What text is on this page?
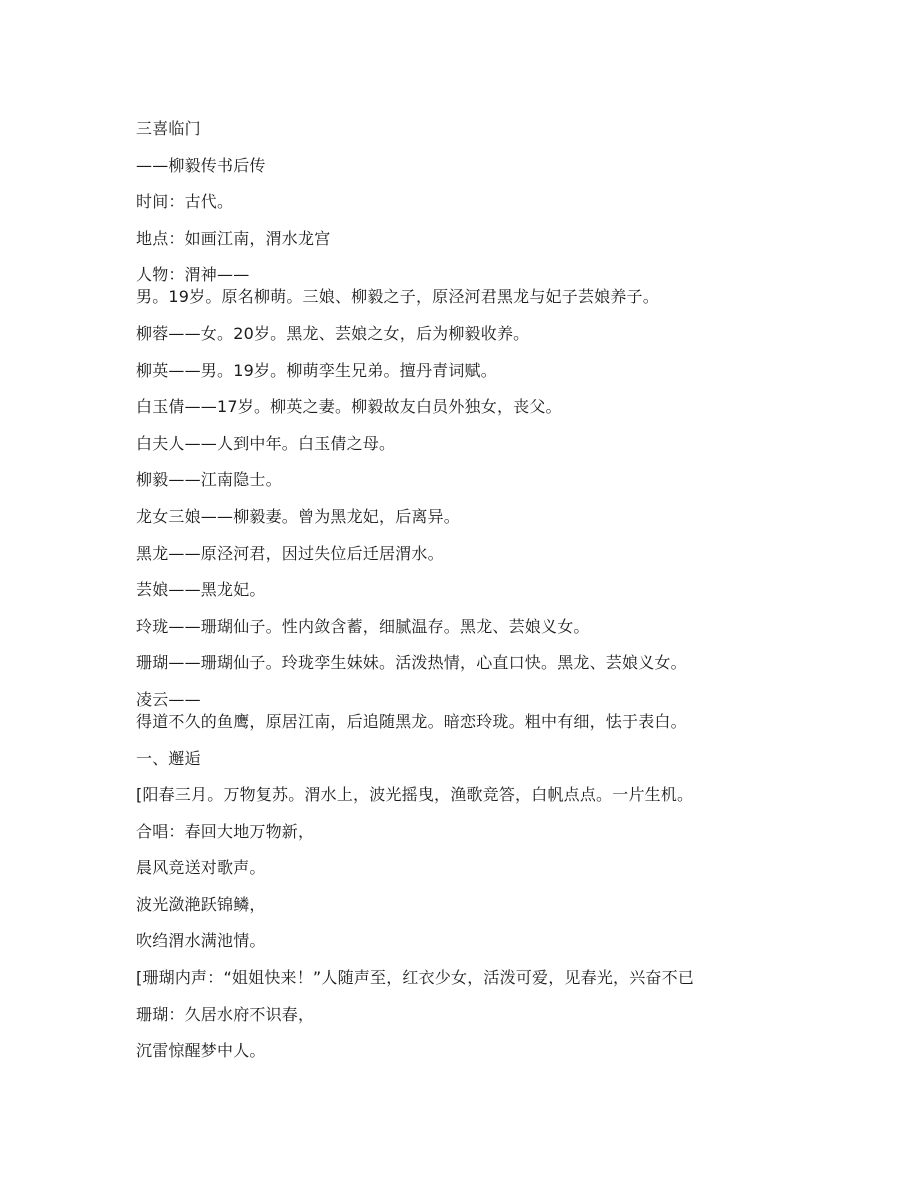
三喜临门

——柳毅传书后传

时间：古代。

地点：如画江南，渭水龙宫

人物：渭神——
男。19岁。原名柳萌。三娘、柳毅之子，原泾河君黑龙与妃子芸娘养子。

柳蓉——女。20岁。黑龙、芸娘之女，后为柳毅收养。

柳英——男。19岁。柳萌孪生兄弟。擅丹青词赋。

白玉倩——17岁。柳英之妻。柳毅故友白员外独女，丧父。

白夫人——人到中年。白玉倩之母。

柳毅——江南隐士。

龙女三娘——柳毅妻。曾为黑龙妃，后离异。

黑龙——原泾河君，因过失位后迁居渭水。

芸娘——黑龙妃。

玲珑——珊瑚仙子。性内敛含蓄，细腻温存。黑龙、芸娘义女。

珊瑚——珊瑚仙子。玲珑孪生妹妹。活泼热情，心直口快。黑龙、芸娘义女。

凌云——
得道不久的鱼鹰，原居江南，后追随黑龙。暗恋玲珑。粗中有细，怯于表白。

一、邂逅

[阳春三月。万物复苏。渭水上，波光摇曳，渔歌竞答，白帆点点。一片生机。

合唱：春回大地万物新，

晨风竞送对歌声。

波光潋滟跃锦鳞，

吹绉渭水满池情。

[珊瑚内声：“姐姐快来！”人随声至，红衣少女，活泼可爱，见春光，兴奋不已

珊瑚：久居水府不识春，

沉雷惊醒梦中人。
